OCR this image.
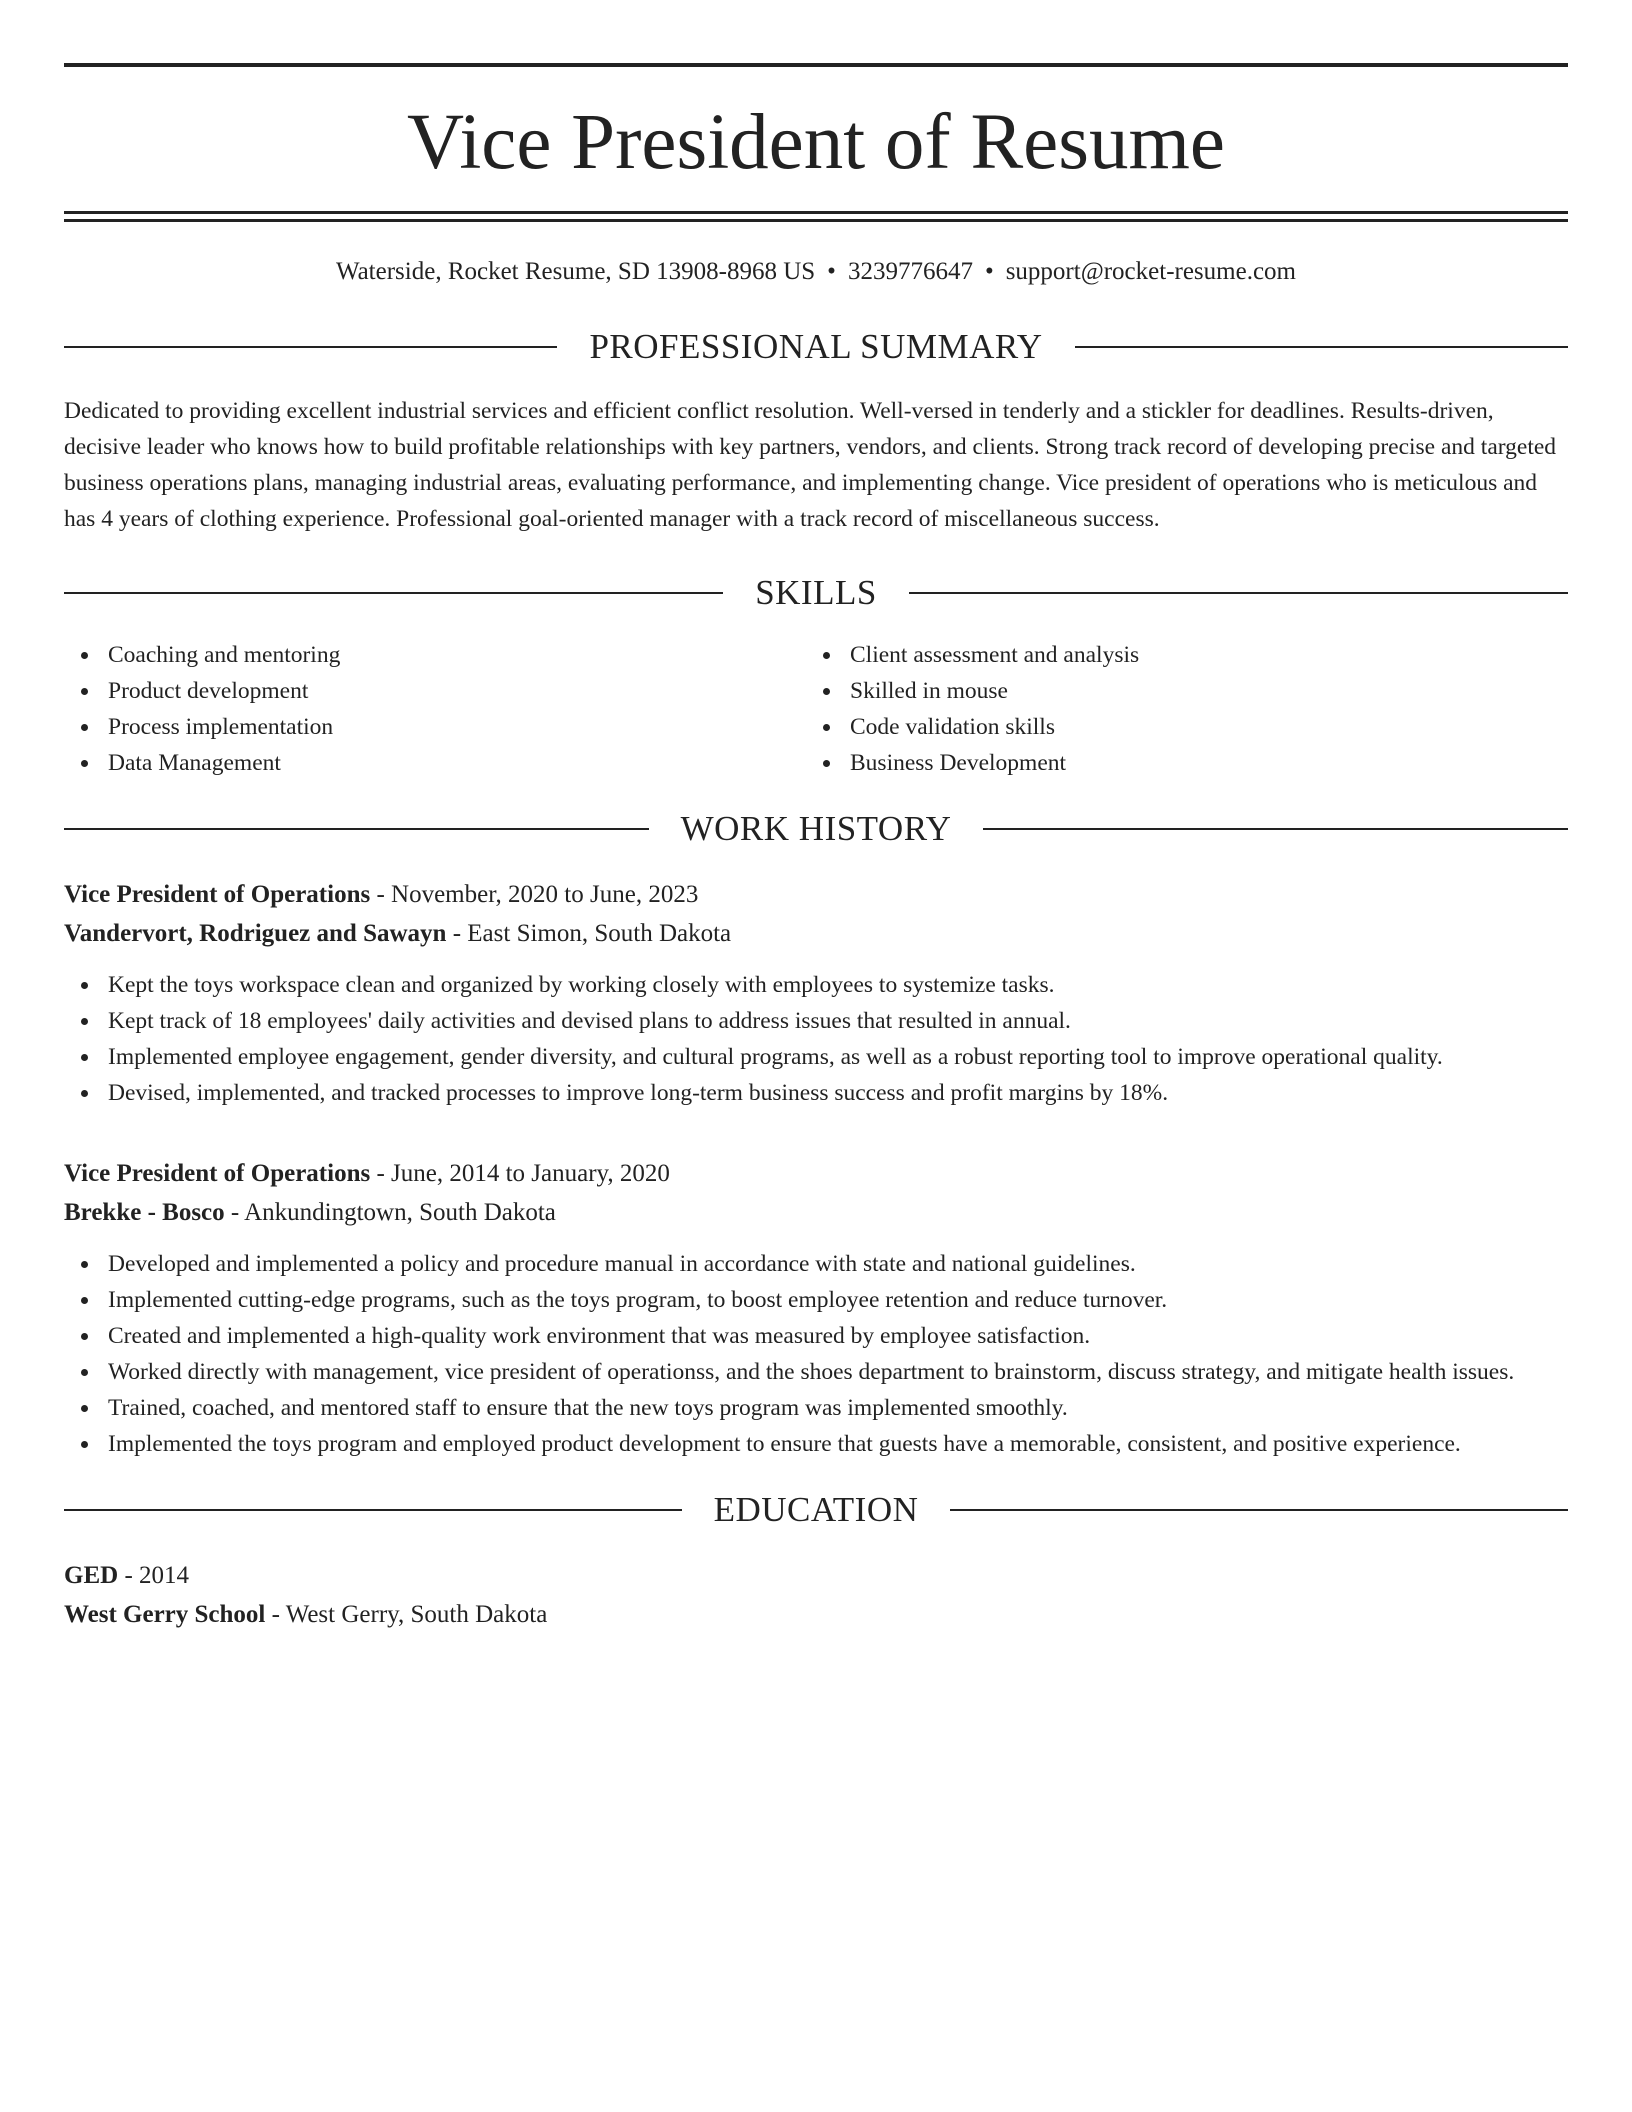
Vice President of Resume
Waterside, Rocket Resume, SD 13908-8968 US • 3239776647 • support@rocket-resume.com
PROFESSIONAL SUMMARY
Dedicated to providing excellent industrial services and efficient conflict resolution. Well-versed in tenderly and a stickler for deadlines. Results-driven, decisive leader who knows how to build profitable relationships with key partners, vendors, and clients. Strong track record of developing precise and targeted business operations plans, managing industrial areas, evaluating performance, and implementing change. Vice president of operations who is meticulous and has 4 years of clothing experience. Professional goal-oriented manager with a track record of miscellaneous success.
SKILLS
Coaching and mentoring
Product development
Process implementation
Data Management
Client assessment and analysis
Skilled in mouse
Code validation skills
Business Development
WORK HISTORY
Vice President of Operations - November, 2020 to June, 2023
Vandervort, Rodriguez and Sawayn - East Simon, South Dakota
Kept the toys workspace clean and organized by working closely with employees to systemize tasks.
Kept track of 18 employees' daily activities and devised plans to address issues that resulted in annual.
Implemented employee engagement, gender diversity, and cultural programs, as well as a robust reporting tool to improve operational quality.
Devised, implemented, and tracked processes to improve long-term business success and profit margins by 18%.
Vice President of Operations - June, 2014 to January, 2020
Brekke - Bosco - Ankundingtown, South Dakota
Developed and implemented a policy and procedure manual in accordance with state and national guidelines.
Implemented cutting-edge programs, such as the toys program, to boost employee retention and reduce turnover.
Created and implemented a high-quality work environment that was measured by employee satisfaction.
Worked directly with management, vice president of operationss, and the shoes department to brainstorm, discuss strategy, and mitigate health issues.
Trained, coached, and mentored staff to ensure that the new toys program was implemented smoothly.
Implemented the toys program and employed product development to ensure that guests have a memorable, consistent, and positive experience.
EDUCATION
GED - 2014
West Gerry School - West Gerry, South Dakota
